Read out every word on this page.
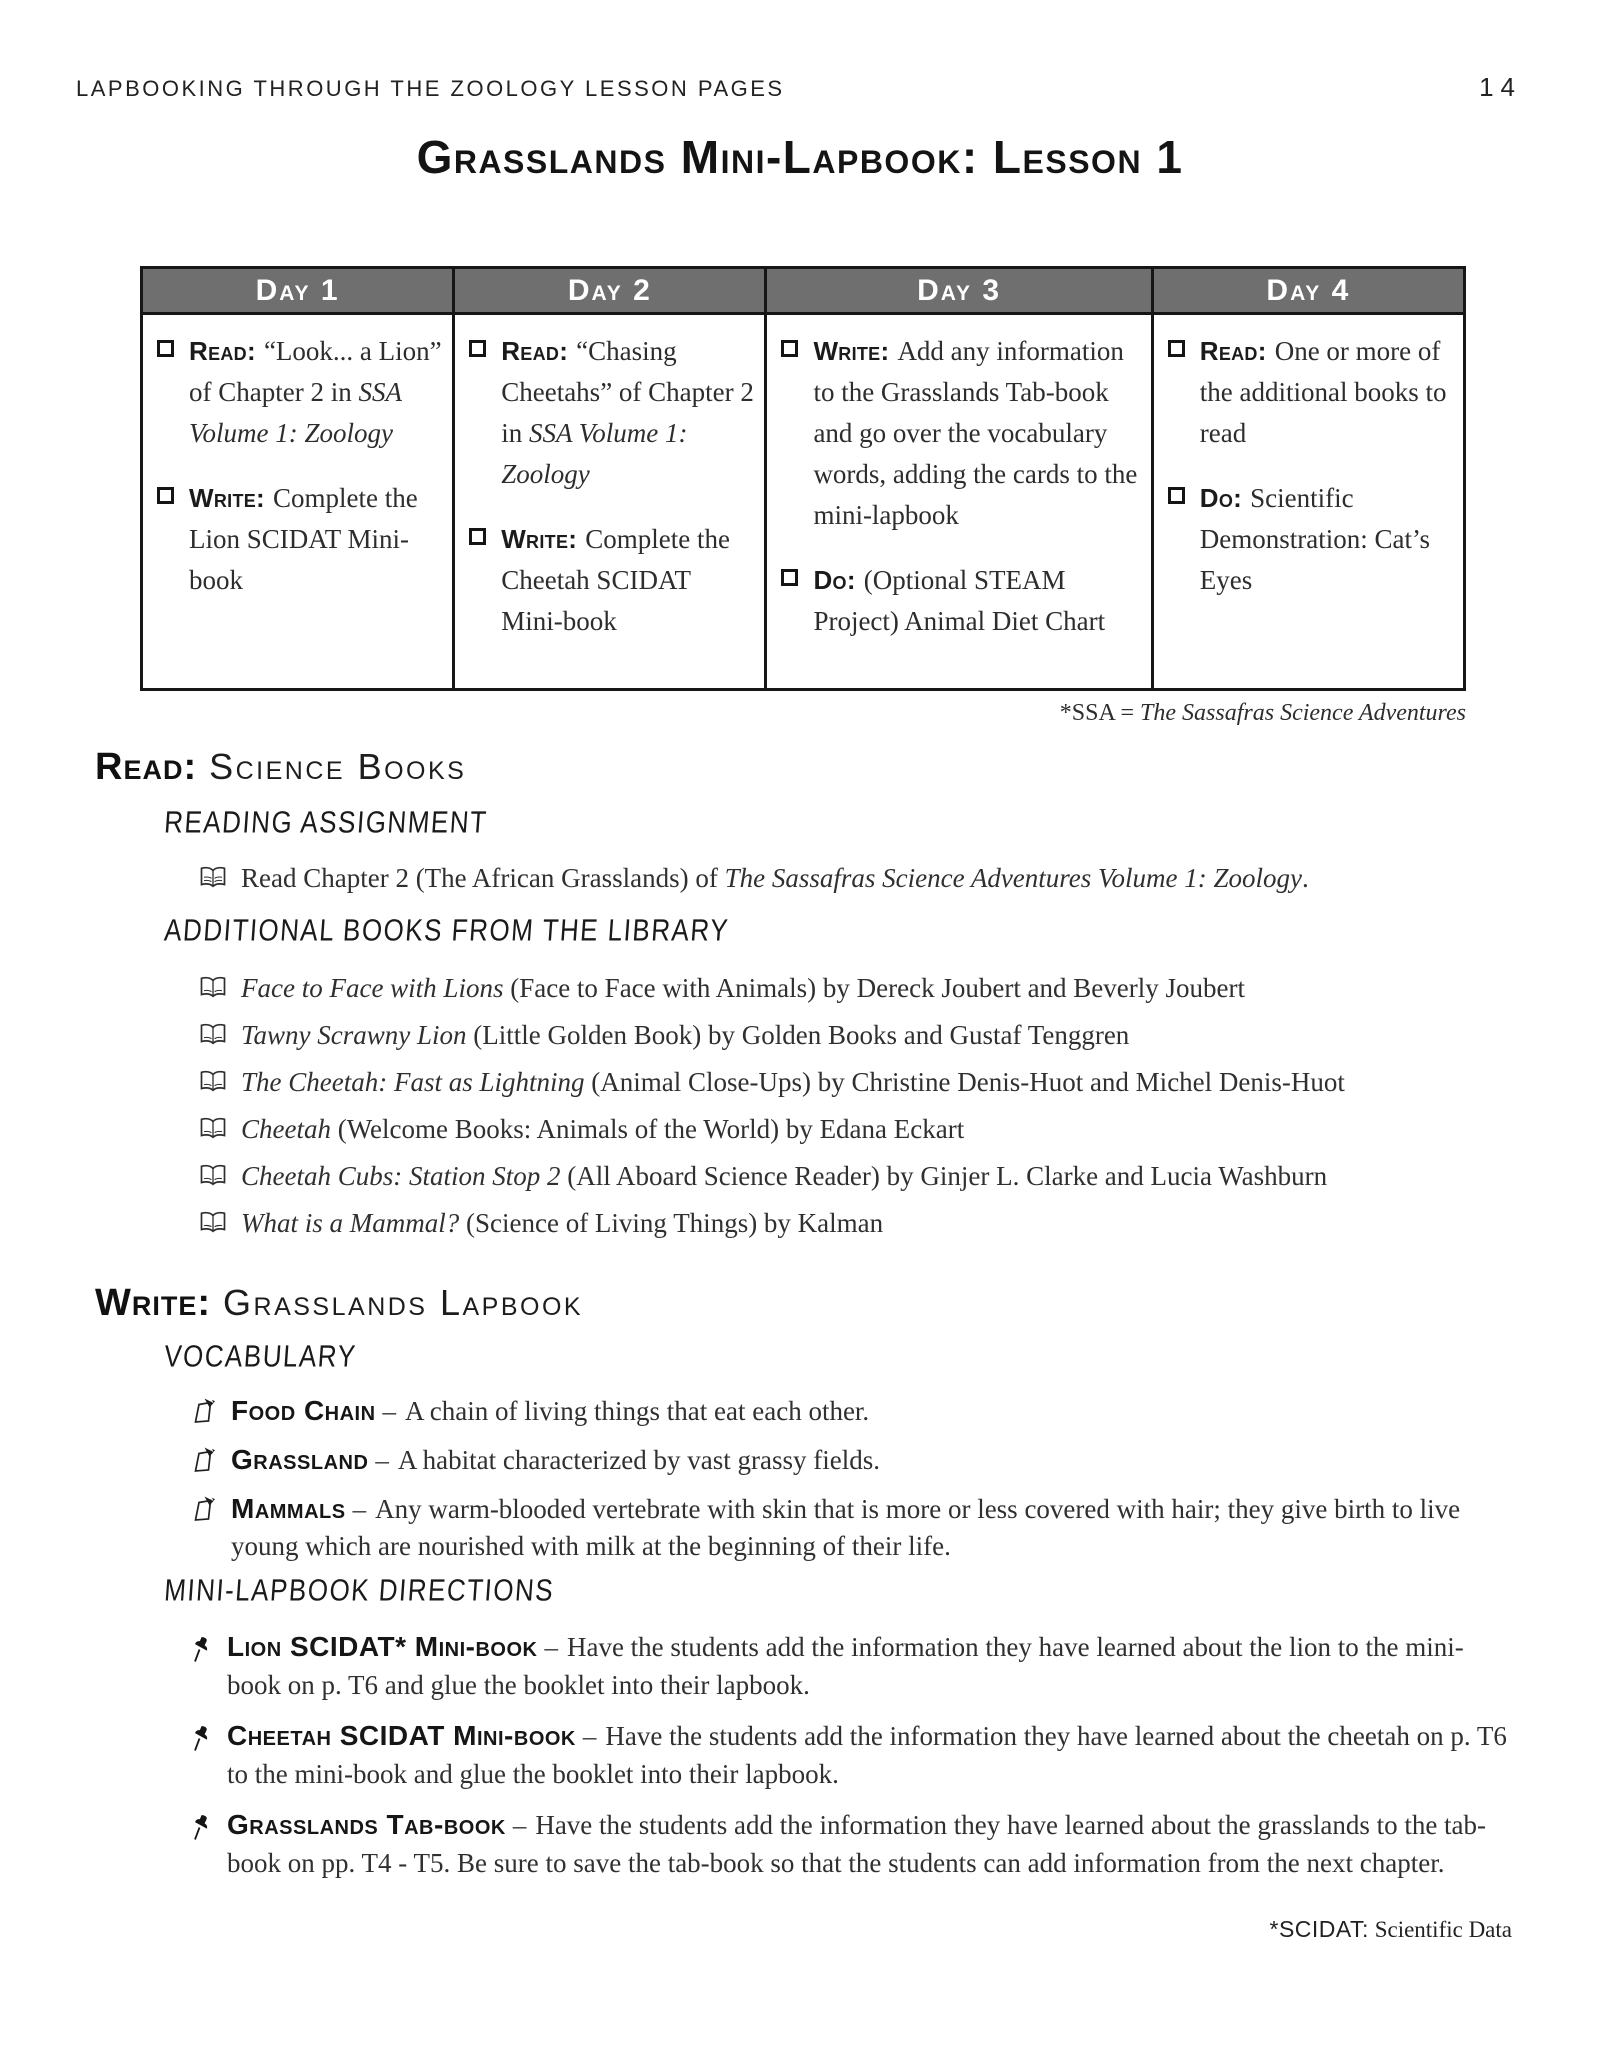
LAPBOOKING THROUGH THE ZOOLOGY LESSON PAGES	14
Grasslands Mini-Lapbook: Lesson 1
Day 1	Day 2	Day 3	Day 4

Read: “Look... a Lion” of Chapter 2 in SSA Volume 1: Zoology
Write: Complete the Lion SCIDAT Mini-book

Read: “Chasing Cheetahs” of Chapter 2 in SSA Volume 1: Zoology
Write: Complete the Cheetah SCIDAT Mini-book

Write: Add any information to the Grasslands Tab-book and go over the vocabulary words, adding the cards to the mini-lapbook
Do: (Optional STEAM Project) Animal Diet Chart

Read: One or more of the additional books to read
Do: Scientific Demonstration: Cat’s Eyes
*SSA = The Sassafras Science Adventures
Read: Science Books
READING ASSIGNMENT
Read Chapter 2 (The African Grasslands) of The Sassafras Science Adventures Volume 1: Zoology.
ADDITIONAL BOOKS FROM THE LIBRARY
Face to Face with Lions (Face to Face with Animals) by Dereck Joubert and Beverly Joubert
Tawny Scrawny Lion (Little Golden Book) by Golden Books and Gustaf Tenggren
The Cheetah: Fast as Lightning (Animal Close-Ups) by Christine Denis-Huot and Michel Denis-Huot
Cheetah (Welcome Books: Animals of the World) by Edana Eckart
Cheetah Cubs: Station Stop 2 (All Aboard Science Reader) by Ginjer L. Clarke and Lucia Washburn
What is a Mammal? (Science of Living Things) by Kalman
Write: Grasslands Lapbook
VOCABULARY
Food Chain – A chain of living things that eat each other.
Grassland – A habitat characterized by vast grassy fields.
Mammals – Any warm-blooded vertebrate with skin that is more or less covered with hair; they give birth to live young which are nourished with milk at the beginning of their life.
MINI-LAPBOOK DIRECTIONS
Lion SCIDAT* Mini-book – Have the students add the information they have learned about the lion to the mini-book on p. T6 and glue the booklet into their lapbook.
Cheetah SCIDAT Mini-book – Have the students add the information they have learned about the cheetah on p. T6 to the mini-book and glue the booklet into their lapbook.
Grasslands Tab-book – Have the students add the information they have learned about the grasslands to the tab-book on pp. T4 - T5. Be sure to save the tab-book so that the students can add information from the next chapter.
*SCIDAT: Scientific Data
